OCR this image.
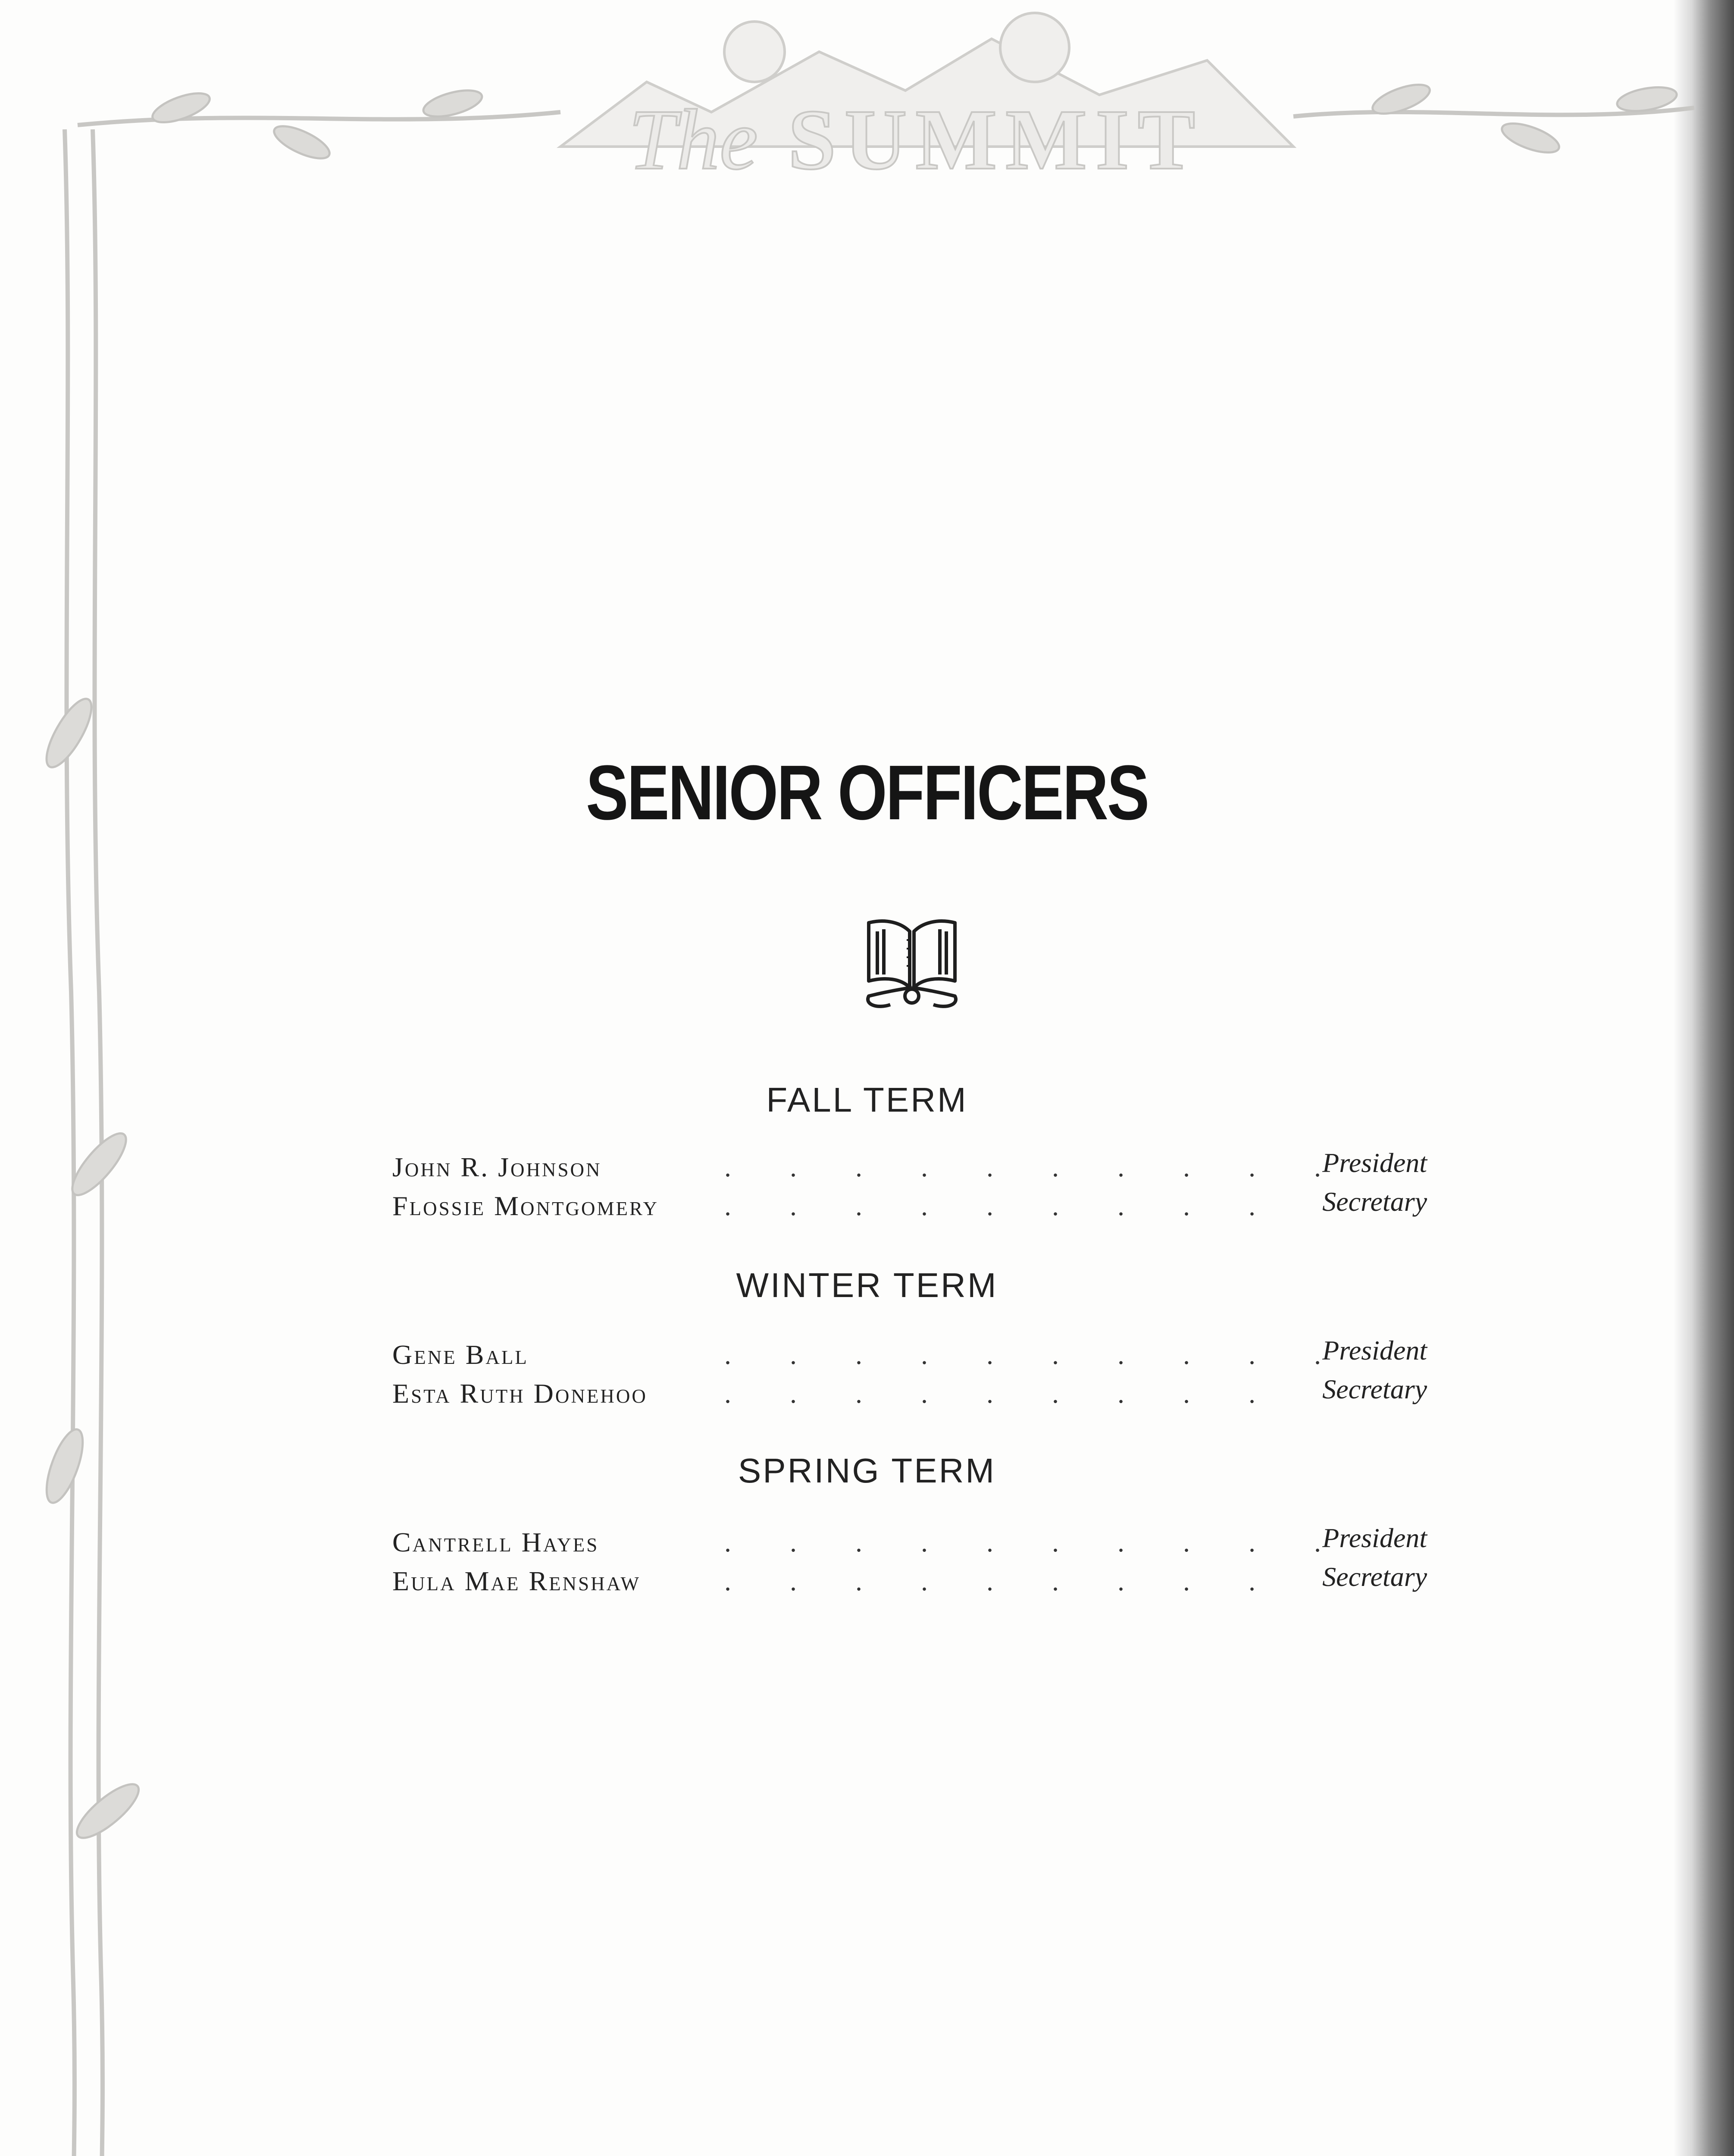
The SUMMIT
SENIOR OFFICERS
FALL TERM
John R. Johnson	. . . . . . . . . . President
Flossie Montgomery . . . . . . . . .	Secretary
WINTER TERM
Gene Ball	. . . . . . . . . . President
Esta Ruth Donehoo	. . . . . . . . .	Secretary
SPRING TERM
Cantrell Hayes	. . . . . . . . . . President
Eula Mae Renshaw	. . . . . . . . .	Secretary
